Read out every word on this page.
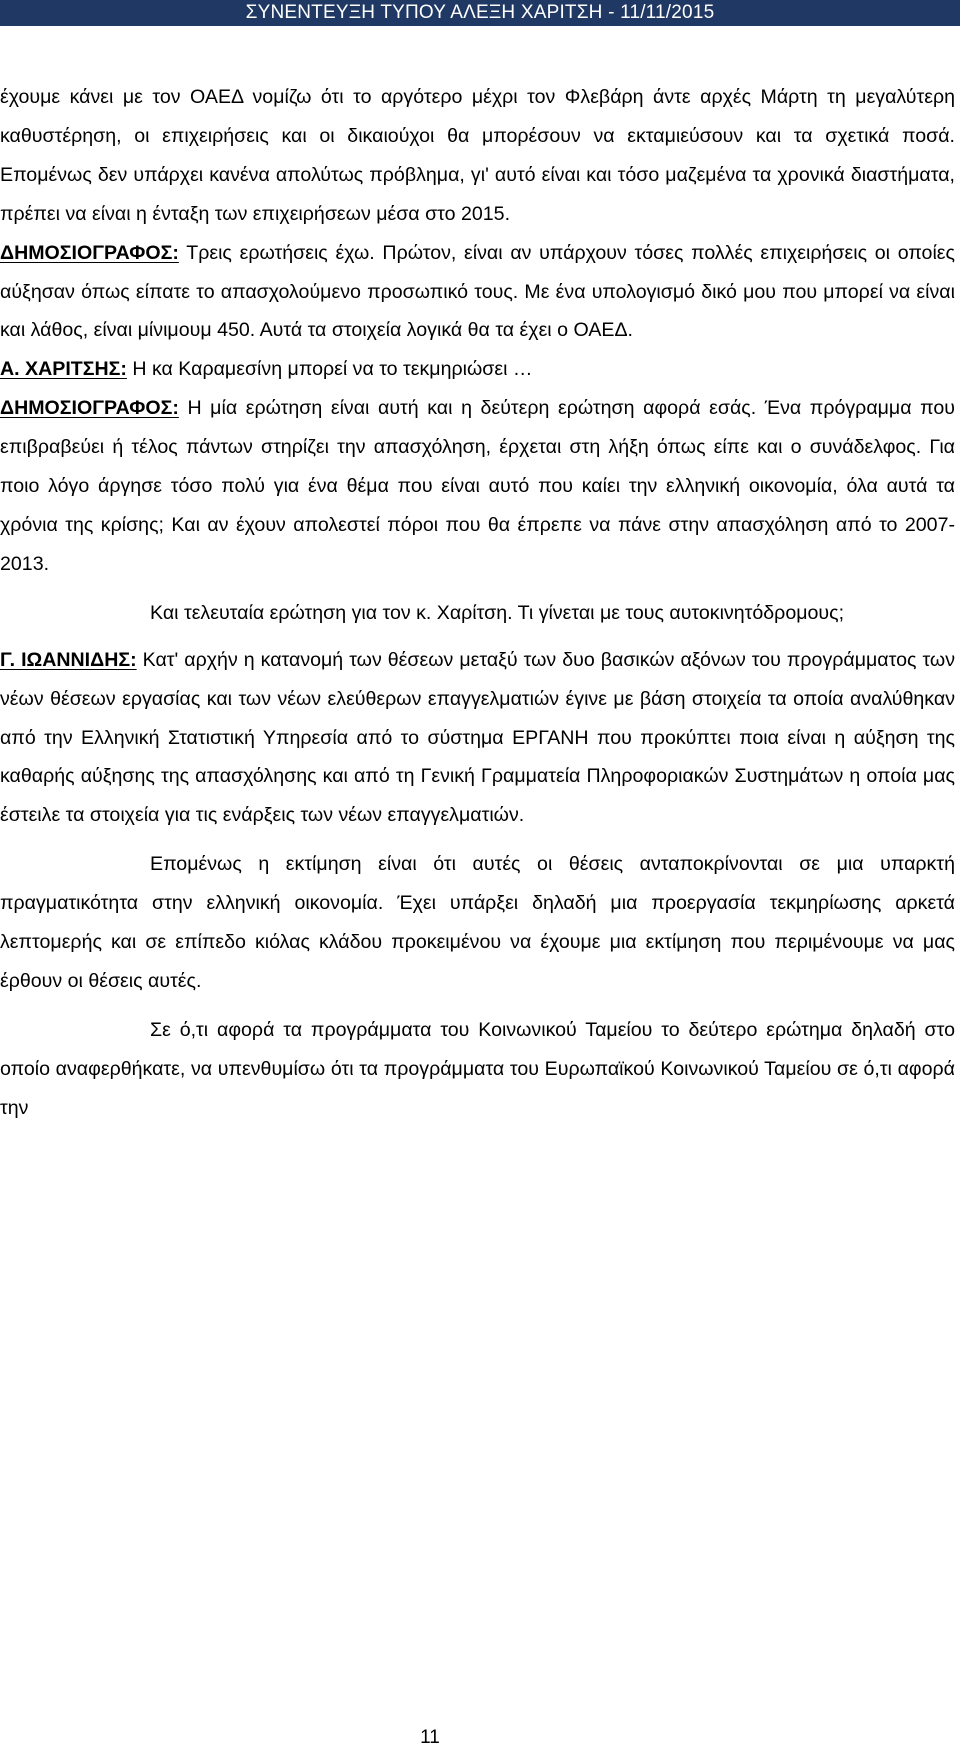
ΣΥΝΕΝΤΕΥΞΗ ΤΥΠΟΥ ΑΛΕΞΗ ΧΑΡΙΤΣΗ - 11/11/2015

έχουμε κάνει με τον ΟΑΕΔ νομίζω ότι το αργότερο μέχρι τον Φλεβάρη άντε αρχές Μάρτη τη μεγαλύτερη καθυστέρηση, οι επιχειρήσεις και οι δικαιούχοι θα μπορέσουν να εκταμιεύσουν και τα σχετικά ποσά. Επομένως δεν υπάρχει κανένα απολύτως πρόβλημα, γι' αυτό είναι και τόσο μαζεμένα τα χρονικά διαστήματα, πρέπει να είναι η ένταξη των επιχειρήσεων μέσα στο 2015.

ΔΗΜΟΣΙΟΓΡΑΦΟΣ: Τρεις ερωτήσεις έχω. Πρώτον, είναι αν υπάρχουν τόσες πολλές επιχειρήσεις οι οποίες αύξησαν όπως είπατε το απασχολούμενο προσωπικό τους. Με ένα υπολογισμό δικό μου που μπορεί να είναι και λάθος, είναι μίνιμουμ 450. Αυτά τα στοιχεία λογικά θα τα έχει ο ΟΑΕΔ.

Α. ΧΑΡΙΤΣΗΣ: Η κα Καραμεσίνη μπορεί να το τεκμηριώσει …

ΔΗΜΟΣΙΟΓΡΑΦΟΣ: Η μία ερώτηση είναι αυτή και η δεύτερη ερώτηση αφορά εσάς. Ένα πρόγραμμα που επιβραβεύει ή τέλος πάντων στηρίζει την απασχόληση, έρχεται στη λήξη όπως είπε και ο συνάδελφος. Για ποιο λόγο άργησε τόσο πολύ για ένα θέμα που είναι αυτό που καίει την ελληνική οικονομία, όλα αυτά τα χρόνια της κρίσης; Και αν έχουν απολεστεί πόροι που θα έπρεπε να πάνε στην απασχόληση από το 2007-2013.

Και τελευταία ερώτηση για τον κ. Χαρίτση. Τι γίνεται με τους αυτοκινητόδρομους;

Γ. ΙΩΑΝΝΙΔΗΣ: Κατ' αρχήν η κατανομή των θέσεων μεταξύ των δυο βασικών αξόνων του προγράμματος των νέων θέσεων εργασίας και των νέων ελεύθερων επαγγελματιών έγινε με βάση στοιχεία τα οποία αναλύθηκαν από την Ελληνική Στατιστική Υπηρεσία από το σύστημα ΕΡΓΑΝΗ που προκύπτει ποια είναι η αύξηση της καθαρής αύξησης της απασχόλησης και από τη Γενική Γραμματεία Πληροφοριακών Συστημάτων η οποία μας έστειλε τα στοιχεία για τις ενάρξεις των νέων επαγγελματιών.

Επομένως η εκτίμηση είναι ότι αυτές οι θέσεις ανταποκρίνονται σε μια υπαρκτή πραγματικότητα στην ελληνική οικονομία. Έχει υπάρξει δηλαδή μια προεργασία τεκμηρίωσης αρκετά λεπτομερής και σε επίπεδο κιόλας κλάδου προκειμένου να έχουμε μια εκτίμηση που περιμένουμε να μας έρθουν οι θέσεις αυτές.

Σε ό,τι αφορά τα προγράμματα του Κοινωνικού Ταμείου το δεύτερο ερώτημα δηλαδή στο οποίο αναφερθήκατε, να υπενθυμίσω ότι τα προγράμματα του Ευρωπαϊκού Κοινωνικού Ταμείου σε ό,τι αφορά την

11
